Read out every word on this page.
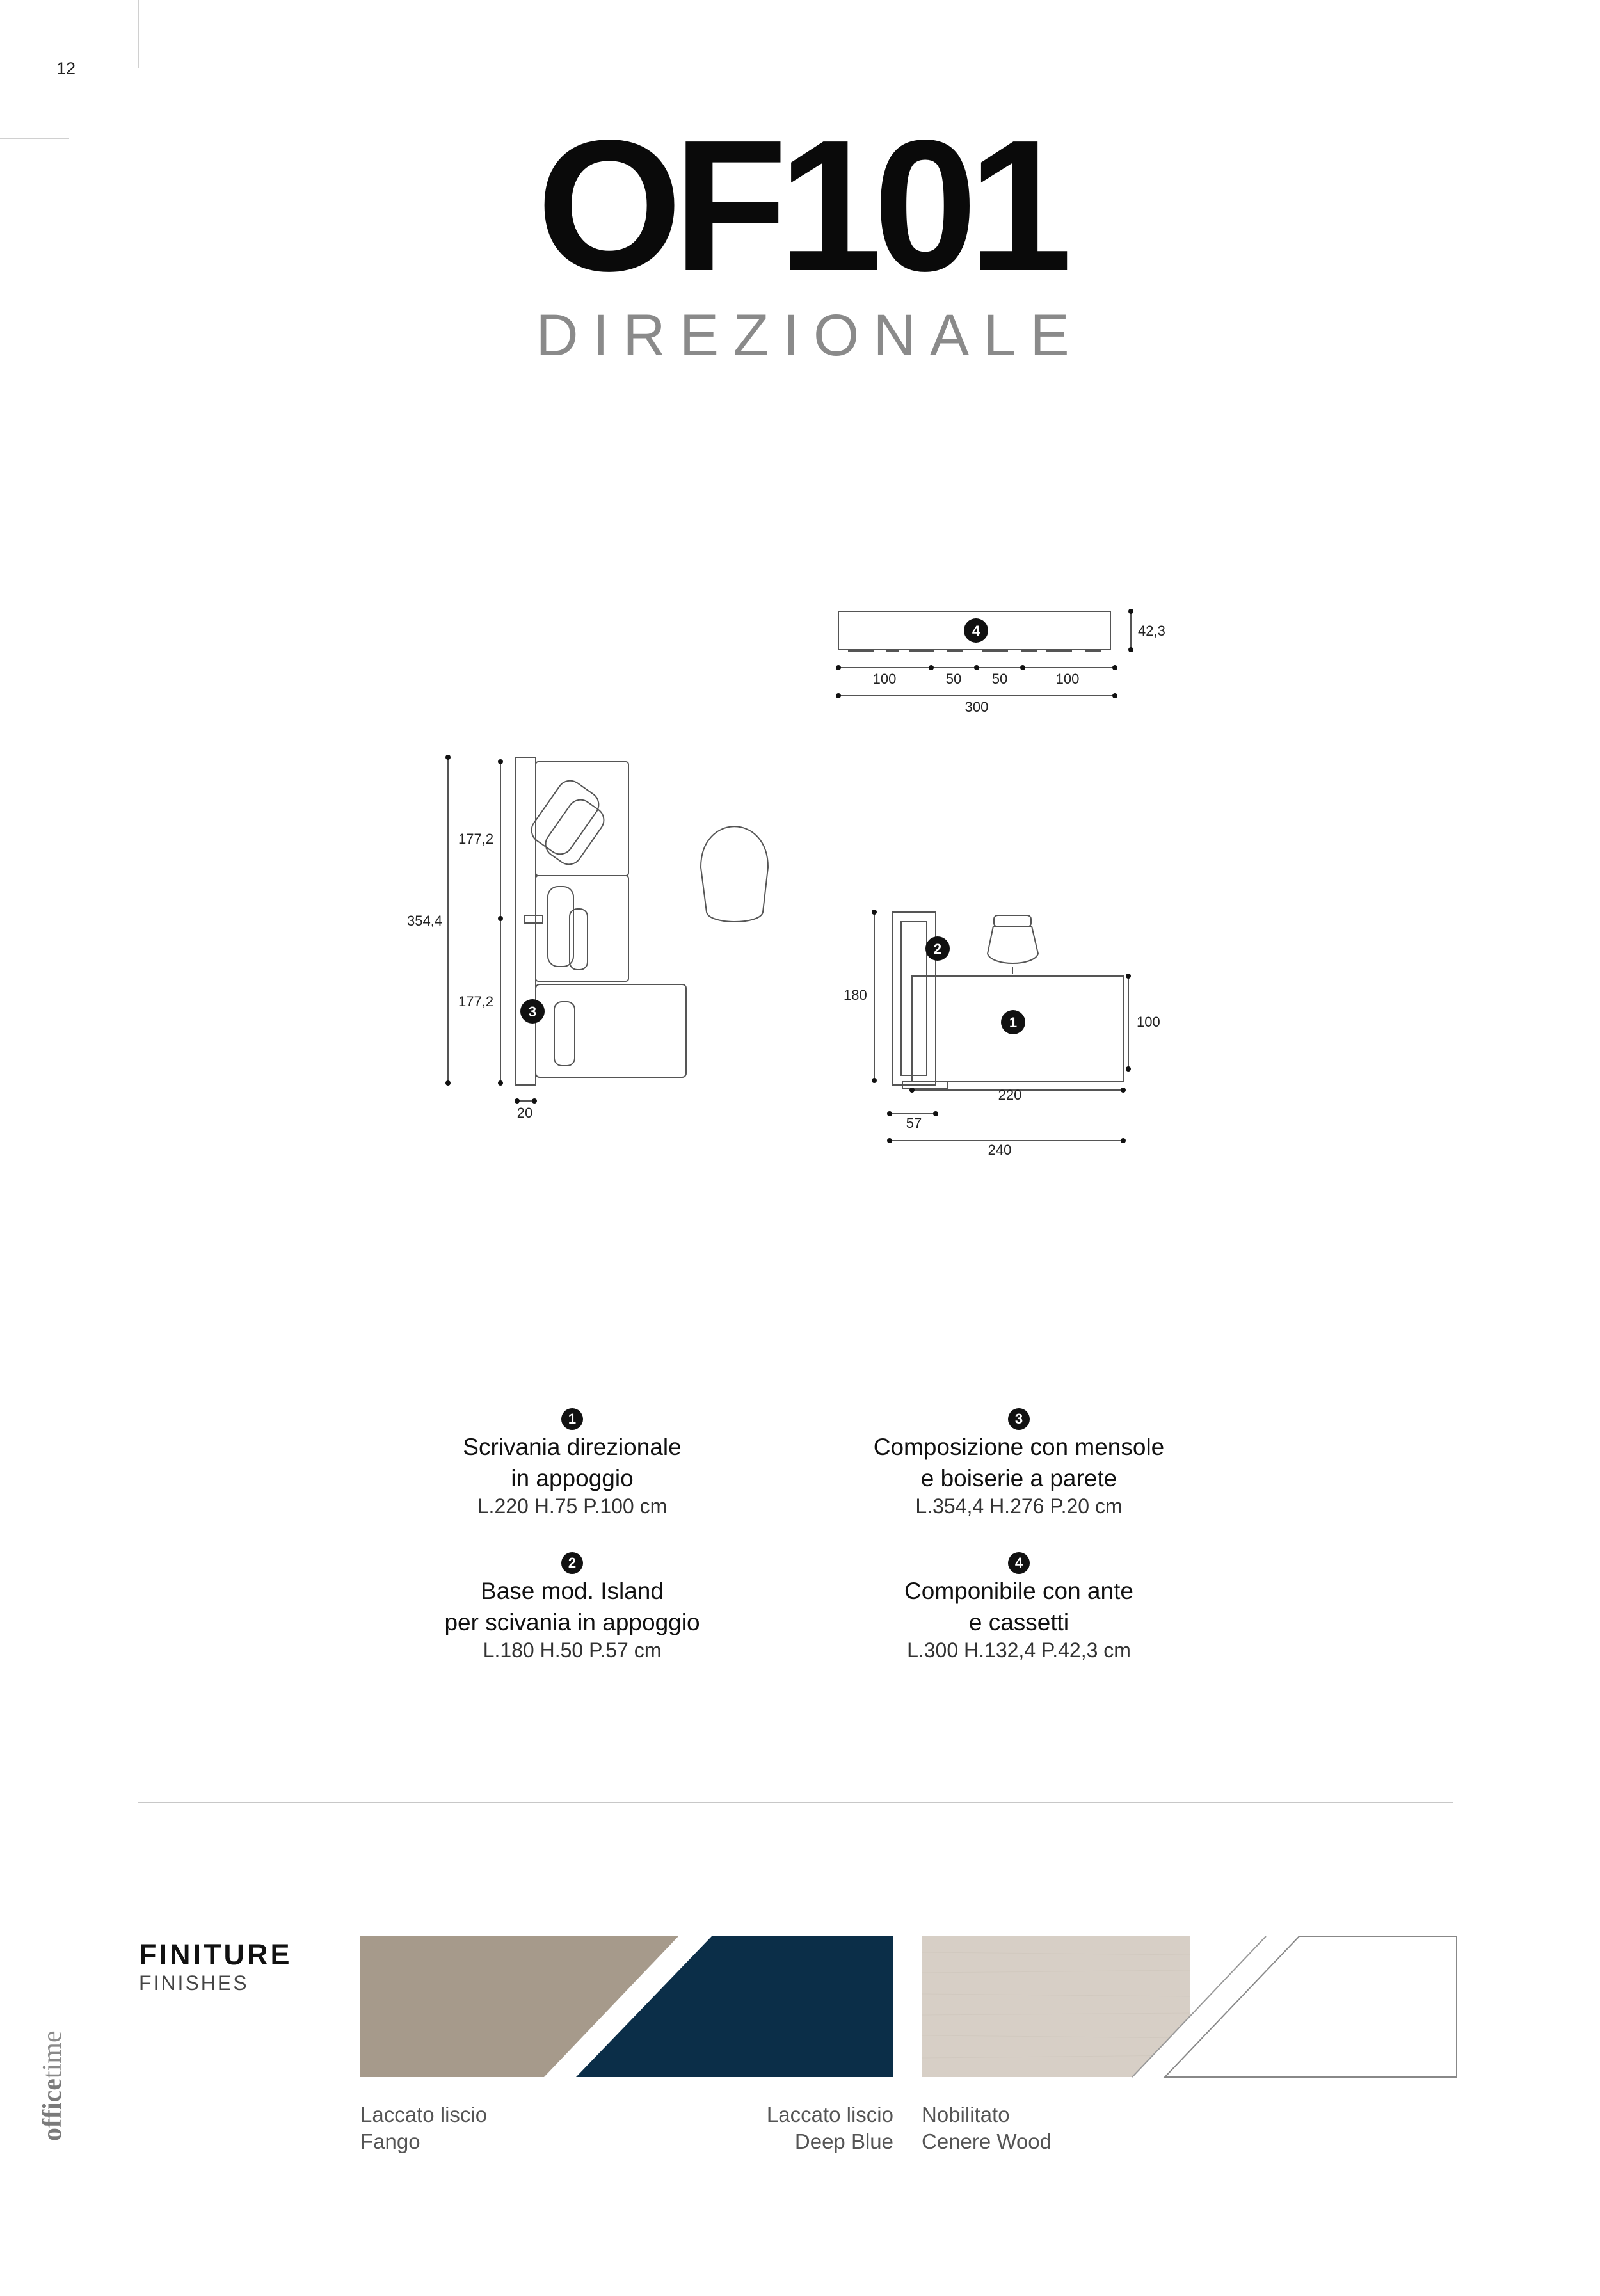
12
OF101
DIREZIONALE
4
3
2
1
42,3
100	50 50	100
300
354,4
177,2
177,2
20
180
100
220
57
240
1
Scrivania direzionale
in appoggio
L.220 H.75 P.100 cm
3
Composizione con mensole
e boiserie a parete
L.354,4 H.276 P.20 cm
2
Base mod. Island
per scivania in appoggio
L.180 H.50 P.57 cm
4
Componibile con ante
e cassetti
L.300 H.132,4 P.42,3 cm
FINITURE
FINISHES
Laccato liscio
Fango
Laccato liscio
Deep Blue
Nobilitato
Cenere Wood
officetime
